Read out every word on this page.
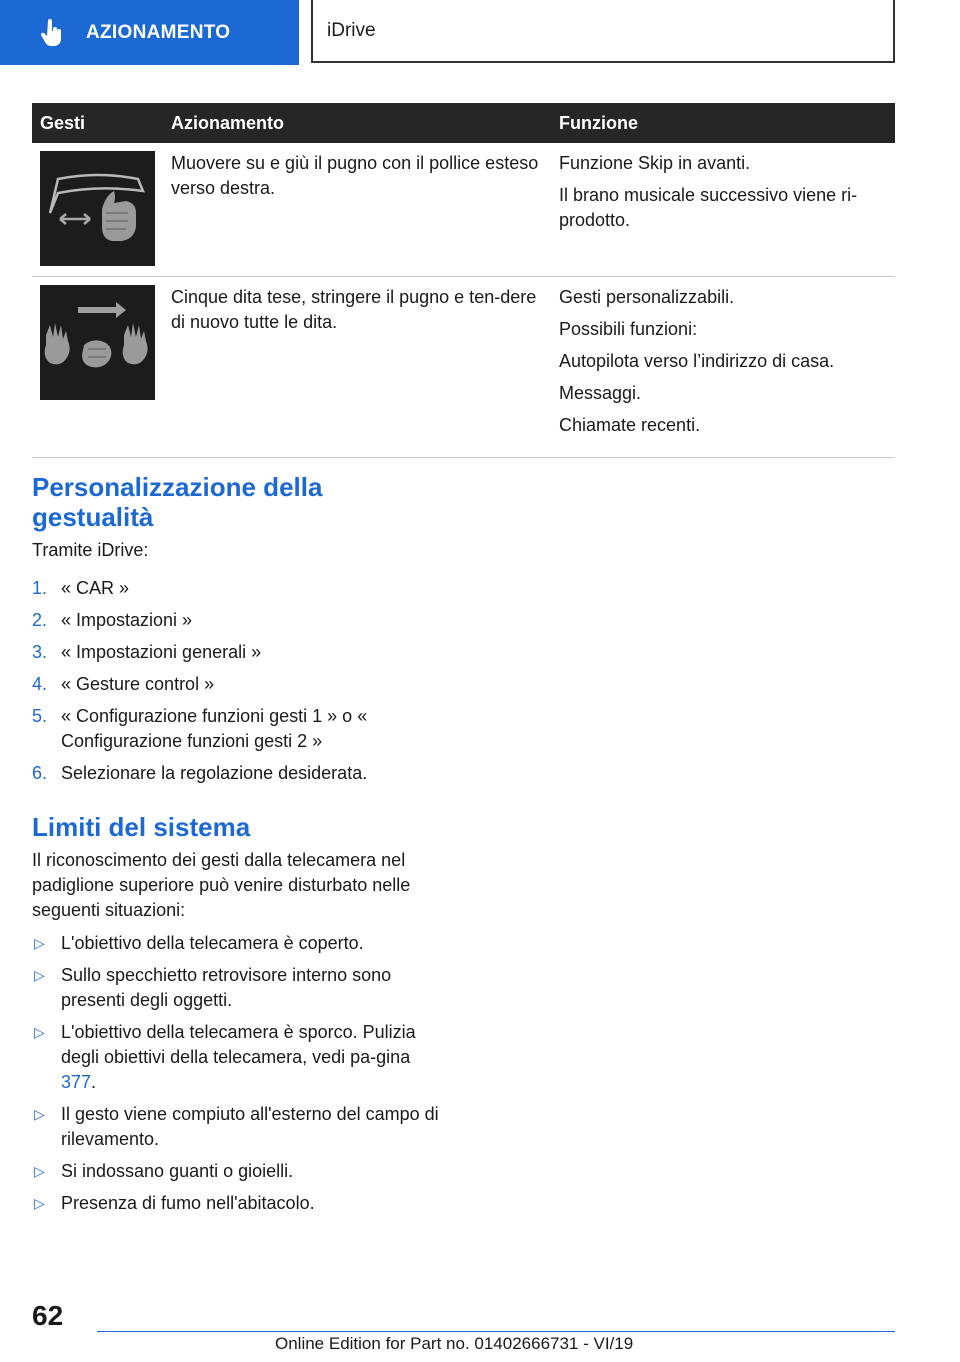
AZIONAMENTO	iDrive
Gesti	Azionamento	Funzione

	Muovere su e giù il pugno con il pollice esteso verso destra.	Funzione Skip in avanti.

Il brano musicale successivo viene ri-prodotto.

	Cinque dita tese, stringere il pugno e ten-dere di nuovo tutte le dita.	Gesti personalizzabili.

Possibili funzioni:

Autopilota verso l’indirizzo di casa.

Messaggi.

Chiamate recenti.

Personalizzazione della
gestualità

Tramite iDrive:

1. « CAR »
2. « Impostazioni »
3. « Impostazioni generali »
4. « Gesture control »
5. « Configurazione funzioni gesti 1 » o « Configurazione funzioni gesti 2 »
6. Selezionare la regolazione desiderata.
Limiti del sistema

Il riconoscimento dei gesti dalla telecamera nel padiglione superiore può venire disturbato nelle seguenti situazioni:

▷ L'obiettivo della telecamera è coperto.
▷ Sullo specchietto retrovisore interno sono presenti degli oggetti.
▷ L'obiettivo della telecamera è sporco. Pulizia degli obiettivi della telecamera, vedi pa-gina 377.
▷ Il gesto viene compiuto all'esterno del campo di rilevamento.
▷ Si indossano guanti o gioielli.
▷ Presenza di fumo nell'abitacolo.
62
Online Edition for Part no. 01402666731 - VI/19
